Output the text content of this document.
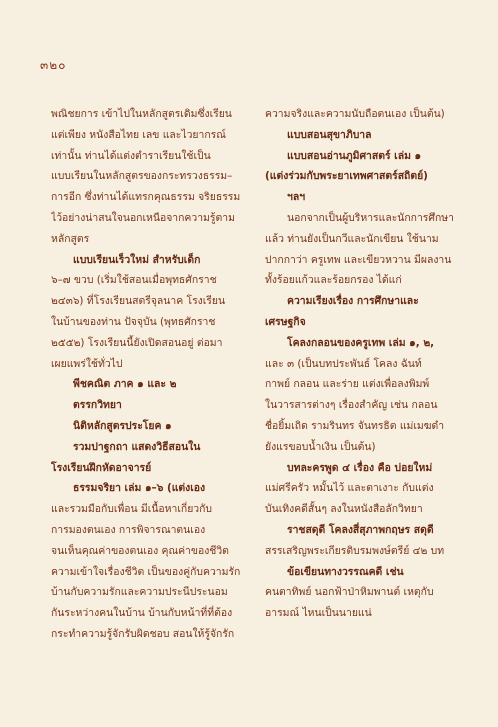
๓๒๐
พณิชยการ เข้าไปในหลักสูตรเดิมซึ่งเรียน
แต่เพียง หนังสือไทย เลข และไวยากรณ์
เท่านั้น ท่านได้แต่งตำราเรียนใช้เป็น
แบบเรียนในหลักสูตรของกระทรวงธรรม–
การอีก ซึ่งท่านได้แทรกคุณธรรม จริยธรรม
ไว้อย่างน่าสนใจนอกเหนือจากความรู้ตาม
หลักสูตร
แบบเรียนเร็วใหม่ สำหรับเด็ก
๖–๗ ขวบ (เริ่มใช้สอนเมื่อพุทธศักราช
๒๔๓๖) ที่โรงเรียนสตรีจุลนาค โรงเรียน
ในบ้านของท่าน ปัจจุบัน (พุทธศักราช
๒๕๕๒) โรงเรียนนี้ยังเปิดสอนอยู่ ต่อมา
เผยแพร่ใช้ทั่วไป
พีชคณิต ภาค ๑ และ ๒
ตรรกวิทยา
นิติหลักสูตรประโยค ๑
รวมปาฐกถา แสดงวิธีสอนใน
โรงเรียนฝึกหัดอาจารย์
ธรรมจริยา เล่ม ๑–๖ (แต่งเอง
และรวมมือกับเพื่อน มีเนื้อหาเกี่ยวกับ
การมองตนเอง การพิจารณาตนเอง
จนเห็นคุณค่าของตนเอง คุณค่าของชีวิต
ความเข้าใจเรื่องชีวิต เป็นของคู่กับความรัก
บ้านกับความรักและความประนีประนอม
กันระหว่างคนในบ้าน บ้านกับหน้าที่ที่ต้อง
กระทำความรู้จักรับผิดชอบ สอนให้รู้จักรัก
ความจริงและความนับถือตนเอง เป็นต้น)
แบบสอนสุขาภิบาล
แบบสอนอ่านภูมิศาสตร์ เล่ม ๑
(แต่งร่วมกับพระยาเทพศาสตร์สถิตย์)
ฯลฯ
นอกจากเป็นผู้บริหารและนักการศึกษา
แล้ว ท่านยังเป็นกวีและนักเขียน ใช้นาม
ปากกาว่า ครูเทพ และเขียวหวาน มีผลงาน
ทั้งร้อยแก้วและร้อยกรอง ได้แก่
ความเรียงเรื่อง การศึกษาและ
เศรษฐกิจ
โคลงกลอนของครูเทพ เล่ม ๑, ๒,
และ ๓ (เป็นบทประพันธ์ โคลง ฉันท์
กาพย์ กลอน และร่าย แต่งเพื่อลงพิมพ์
ในวารสารต่างๆ เรื่องสำคัญ เช่น กลอน
ชื่อยิ้มเถิด รามรินทร จันทรธิต แม่เมฆดำ
ยังแรขอบน้ำเงิน เป็นต้น)
บทละครพูด ๔ เรื่อง คือ บ่อยใหม่
แม่ศรีครัว หมั้นไว้ และตาเงาะ กับแต่ง
บันเทิงคดีสั้นๆ ลงในหนังสือลักวิทยา
ราชสดุดี โคลงสี่สุภาพกฤษร สดุดี
สรรเสริญพระเกียรติบรมพงษ์ตรีย์ ๔๒ บท
ข้อเขียนทางวรรณคดี เช่น
คนตาทิพย์ นอกฟ้าป่าหิมพานต์ เหตุกับ
อารมณ์ ไหนเป็นนายแน่
